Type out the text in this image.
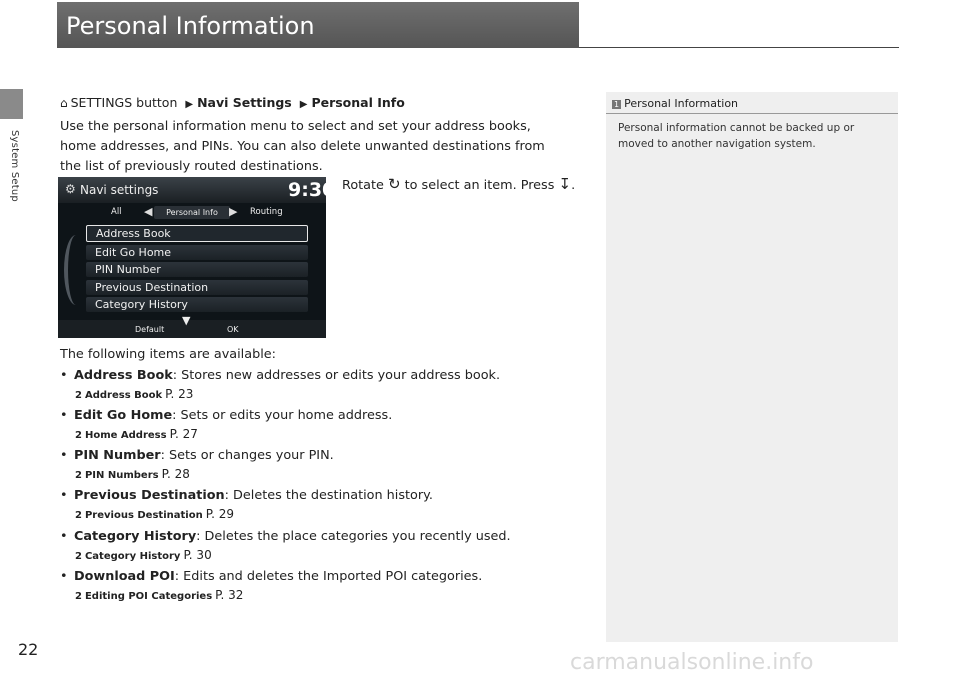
System Setup
Personal Information
⌂ SETTINGS button ▶ Navi Settings ▶ Personal Info
Use the personal information menu to select and set your address books, home addresses, and PINs. You can also delete unwanted destinations from the list of previously routed destinations.
Rotate ↻ to select an item. Press ↧.
⚙ Navi settings	9:30
All ◀	Personal Info	▶ Routing
Address Book
Edit Go Home
PIN Number
Previous Destination
Category History
▼
Default	OK
The following items are available:
• Address Book: Stores new addresses or edits your address book.
2 Address Book P. 23
• Edit Go Home: Sets or edits your home address.
2 Home Address P. 27
• PIN Number: Sets or changes your PIN.
2 PIN Numbers P. 28
• Previous Destination: Deletes the destination history.
2 Previous Destination P. 29
• Category History: Deletes the place categories you recently used.
2 Category History P. 30
• Download POI: Edits and deletes the Imported POI categories.
2 Editing POI Categories P. 32
1 Personal Information
Personal information cannot be backed up or moved to another navigation system.
22
carmanualsonline.info
